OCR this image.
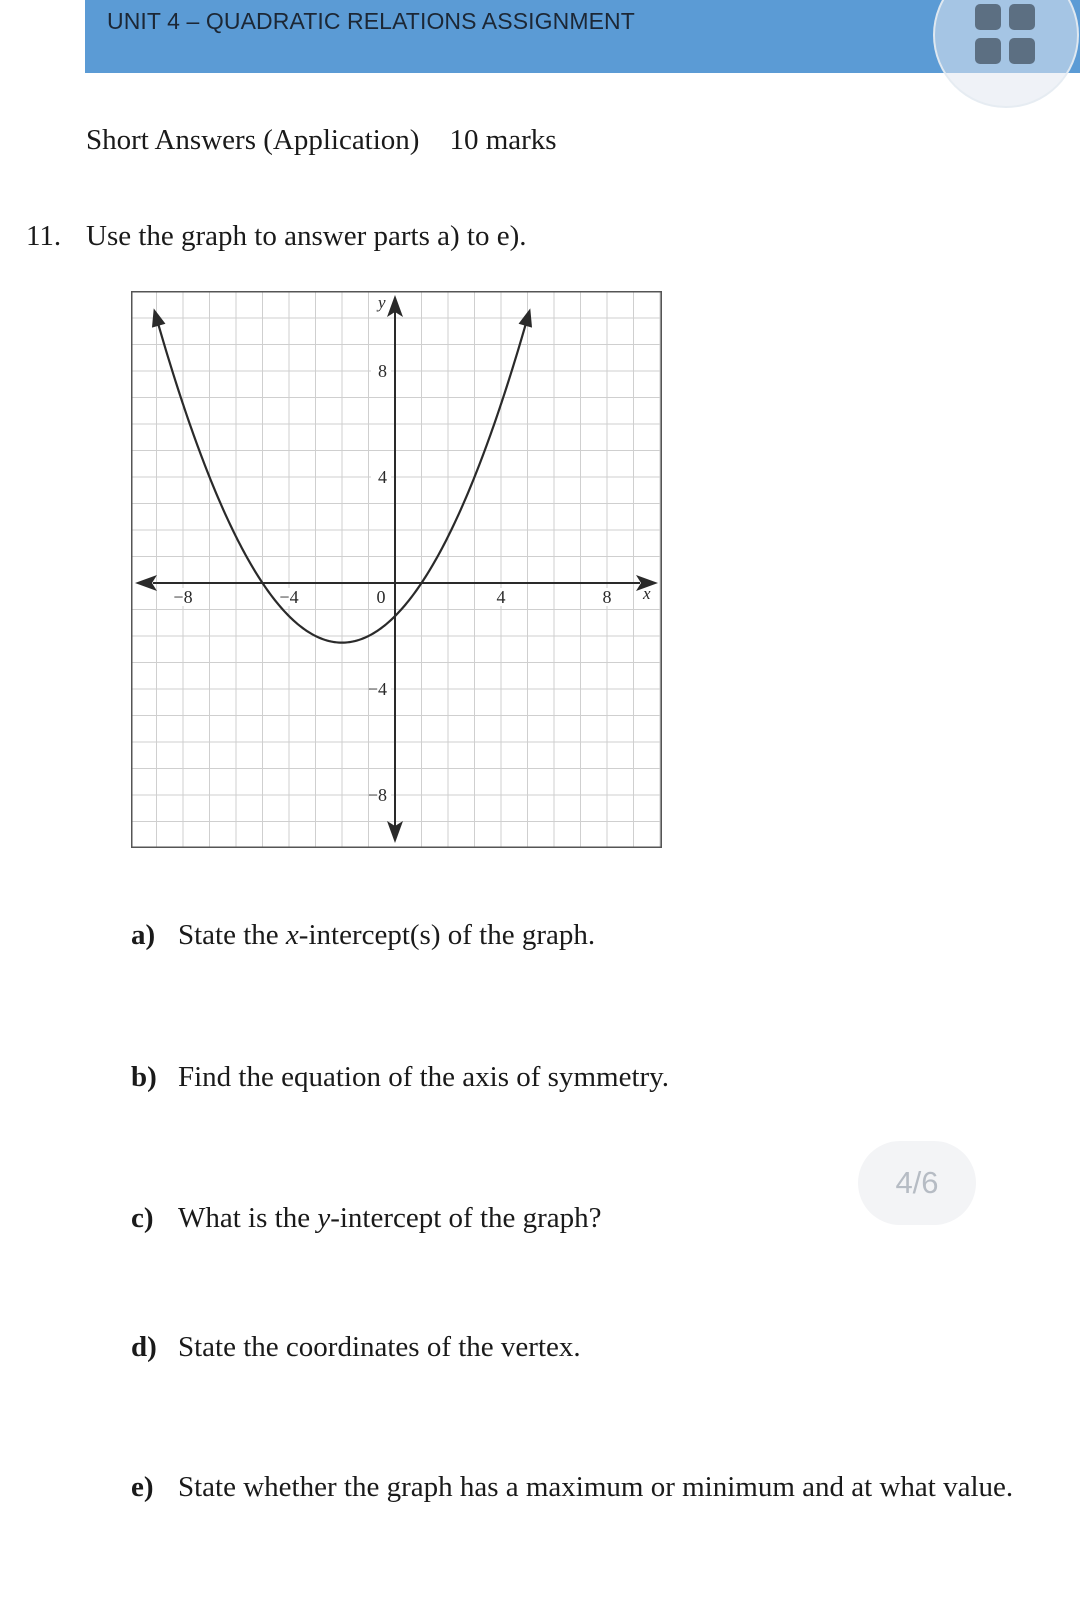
UNIT 4 – QUADRATIC RELATIONS ASSIGNMENT
Short Answers (Application) 10 marks
11. Use the graph to answer parts a) to e).
−8	−4	0	4	8
8
4
−4
−8
x
y
a) State the x-intercept(s) of the graph.
b) Find the equation of the axis of symmetry.
c) What is the y-intercept of the graph?
d) State the coordinates of the vertex.
e) State whether the graph has a maximum or minimum and at what value.
4/6
